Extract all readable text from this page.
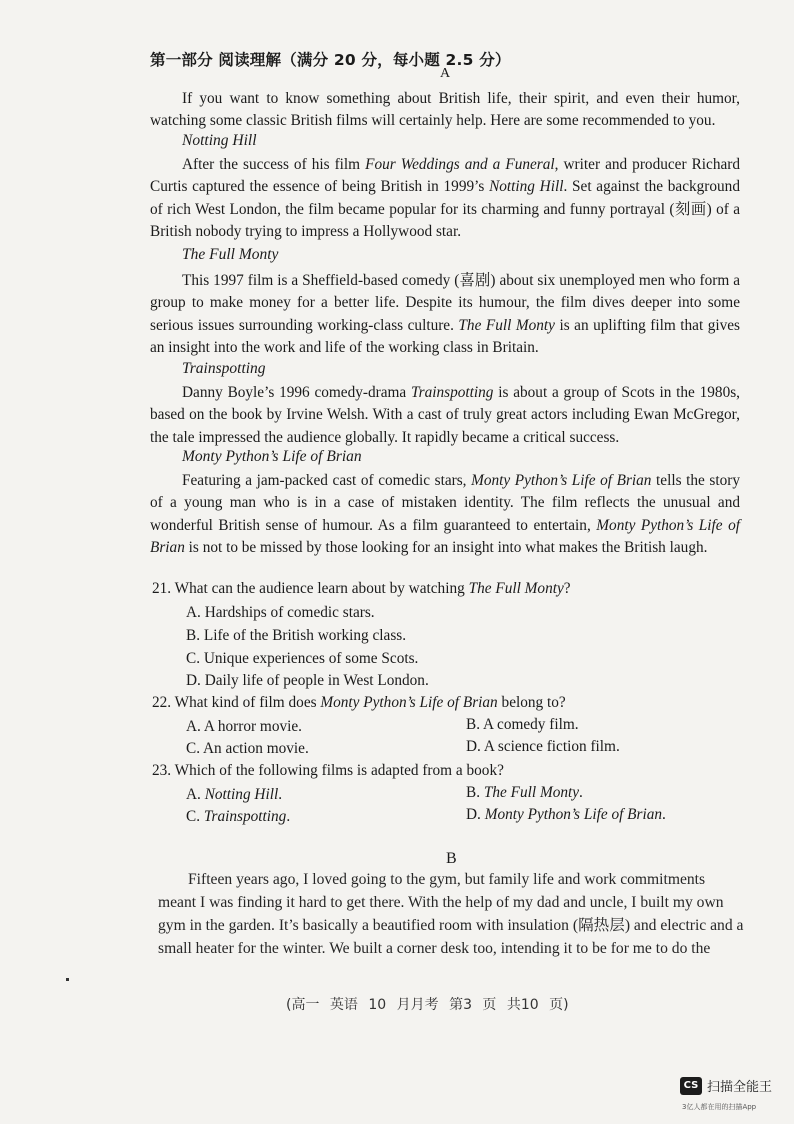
第一部分 阅读理解（满分 20 分，每小题 2.5 分）
A
If you want to know something about British life, their spirit, and even their humor, watching some classic British films will certainly help. Here are some recommended to you.
Notting Hill
After the success of his film Four Weddings and a Funeral, writer and producer Richard Curtis captured the essence of being British in 1999’s Notting Hill. Set against the background of rich West London, the film became popular for its charming and funny portrayal (刻画) of a British nobody trying to impress a Hollywood star.
The Full Monty
This 1997 film is a Sheffield-based comedy (喜剧) about six unemployed men who form a group to make money for a better life. Despite its humour, the film dives deeper into some serious issues surrounding working-class culture. The Full Monty is an uplifting film that gives an insight into the work and life of the working class in Britain.
Trainspotting
Danny Boyle’s 1996 comedy-drama Trainspotting is about a group of Scots in the 1980s, based on the book by Irvine Welsh. With a cast of truly great actors including Ewan McGregor, the tale impressed the audience globally. It rapidly became a critical success.
Monty Python’s Life of Brian
Featuring a jam-packed cast of comedic stars, Monty Python’s Life of Brian tells the story of a young man who is in a case of mistaken identity. The film reflects the unusual and wonderful British sense of humour. As a film guaranteed to entertain, Monty Python’s Life of Brian is not to be missed by those looking for an insight into what makes the British laugh.
21. What can the audience learn about by watching The Full Monty?
A. Hardships of comedic stars.
B. Life of the British working class.
C. Unique experiences of some Scots.
D. Daily life of people in West London.
22. What kind of film does Monty Python’s Life of Brian belong to?
A. A horror movie.	B. A comedy film.
C. An action movie.	D. A science fiction film.
23. Which of the following films is adapted from a book?
A. Notting Hill.	B. The Full Monty.
C. Trainspotting.	D. Monty Python’s Life of Brian.
B
Fifteen years ago, I loved going to the gym, but family life and work commitments
meant I was finding it hard to get there. With the help of my dad and uncle, I built my own
gym in the garden. It’s basically a beautified room with insulation (隔热层) and electric and a
small heater for the winter. We built a corner desk too, intending it to be for me to do the
(高一 英语 10 月月考 第3 页 共10 页)
CS 扫描全能王
3亿人都在用的扫描App
